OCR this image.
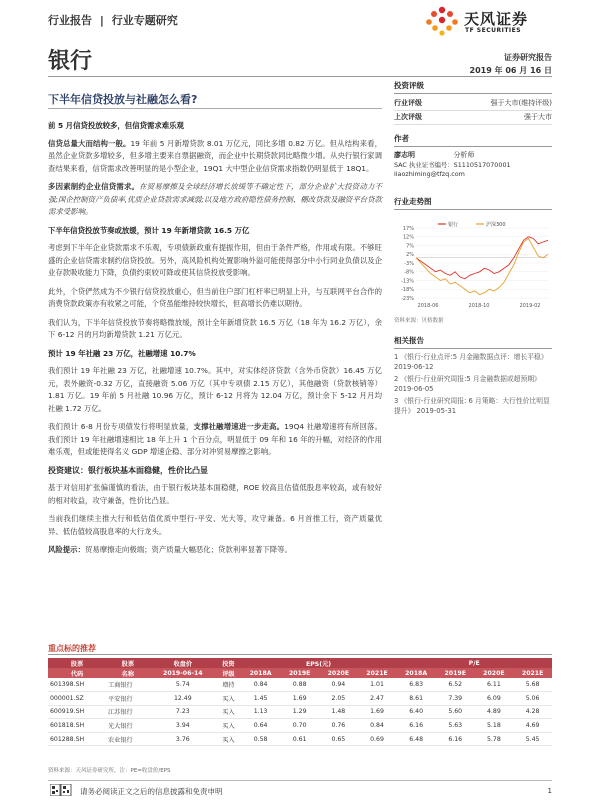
行业报告 | 行业专题研究	天风证券
TF SECURITIES
银行	证券研究报告
2019 年 06 月 16 日
下半年信贷投放与社融怎么看?

前 5 月信贷投放较多，但信贷需求难乐观

信贷总量大而结构一般。19 年前 5 月新增贷款 8.01 万亿元，同比多增 0.82 万亿。但从结构来看，虽然企业贷款多增较多，但多增主要来自票据融资，而企业中长期贷款同比略微少增。从央行银行家调查结果来看，信贷需求改善明显的是小型企业，19Q1 大中型企业信贷需求指数仍明显低于 18Q1。

多因素制约企业信贷需求。在贸易摩擦及全球经济增长放缓等不确定性下，部分企业扩大投资动力不强;国企控制资产负债率,优质企业贷款需求减弱;以及地方政府隐性债务控制、棚改贷款及融资平台贷款需求受影响。

下半年信贷投放节奏或放缓，预计 19 年新增贷款 16.5 万亿

考虑到下半年企业贷款需求不乐观，专项债新政重有提振作用，但由于条件严格，作用或有限。不够旺盛的企业信贷需求制约信贷投放。另外，高风险机构处置影响外溢可能使得部分中小行同业负债以及企业存款吸收能力下降，负债约束较可降或使其信贷投放受影响。

此外，个贷俨然成为不少银行信贷投放重心，但当前住户部门杠杆率已明显上升，与互联网平台合作的消费贷款政策亦有收紧之可能，个贷虽能维持较快增长，但高增长仍难以期待。

我们认为，下半年信贷投放节奏将略微放缓，预计全年新增贷款 16.5 万亿（18 年为 16.2 万亿），余下 6-12 月的月均新增贷款 1.21 万亿元。

预计 19 年社融 23 万亿，社融增速 10.7%

我们预计 19 年社融 23 万亿，社融增速 10.7%。其中，对实体经济贷款（含外币贷款）16.45 万亿元，表外融资-0.32 万亿，直接融资 5.06 万亿（其中专项债 2.15 万亿），其他融资（贷款核销等）1.81 万亿。19 年前 5 月社融 10.96 万亿，预计 6-12 月将为 12.04 万亿，预计余下 5-12 月月均社融 1.72 万亿。

我们预计 6-8 月份专项债发行将明显放量，支撑社融增速进一步走高。19Q4 社融增速将有所回落。我们预计 19 年社融增速相比 18 年上升 1 个百分点，明显低于 09 年和 16 年的升幅，对经济的作用难乐观，但或能使得名义 GDP 增速企稳、部分对冲贸易摩擦之影响。

投资建议：银行板块基本面稳健，性价比凸显

基于对信用扩张偏谨慎的看法，由于银行板块基本面稳健，ROE 较高且估值低股息率较高，或有较好的相对收益，攻守兼备，性价比凸显。

当前我们继续主推大行和低估值优质中型行-平安、光大等，攻守兼备。6 月首推工行，资产质量优异、低估值较高股息率的大行龙头。

风险提示：贸易摩擦走向极端；资产质量大幅恶化；贷款利率显著下降等。

投资评级
行业评级	强于大市(维持评级)
上次评级	强于大市
作者
廖志明	分析师
SAC 执业证书编号：S1110517070001
liaozhiming@tfzq.com
行业走势图
17%
12%
7%
2%
-3%
-8%
-13%
-18%
-23%
2018-06	2018-10	2019-02
银行	沪深300
资料来源：贝格数据
相关报告
1 《银行-行业点评:5 月金融数据点评：增长平稳》 2019-06-12
2 《银行-行业研究周报:5 月金融数据或超预期》 2019-06-05
3 《银行-行业研究周报: 6 月策略：大行性价比明显提升》 2019-05-31
重点标的推荐
股票	股票	收盘价	投资	EPS(元)				P/E			
代码	名称	2019-06-14	评级	2018A	2019E	2020E	2021E	2018A	2019E	2020E	2021E
601398.SH	工商银行	5.74	增持	0.84	0.88	0.94	1.01	6.83	6.52	6.11	5.68
000001.SZ	平安银行	12.49	买入	1.45	1.69	2.05	2.47	8.61	7.39	6.09	5.06
600919.SH	江苏银行	7.23	买入	1.13	1.29	1.48	1.69	6.40	5.60	4.89	4.28
601818.SH	光大银行	3.94	买入	0.64	0.70	0.76	0.84	6.16	5.63	5.18	4.69
601288.SH	农业银行	3.76	买入	0.58	0.61	0.65	0.69	6.48	6.16	5.78	5.45
资料来源：天风证券研究所，注：PE=收盘价/EPS
请务必阅读正文之后的信息披露和免责申明	1
